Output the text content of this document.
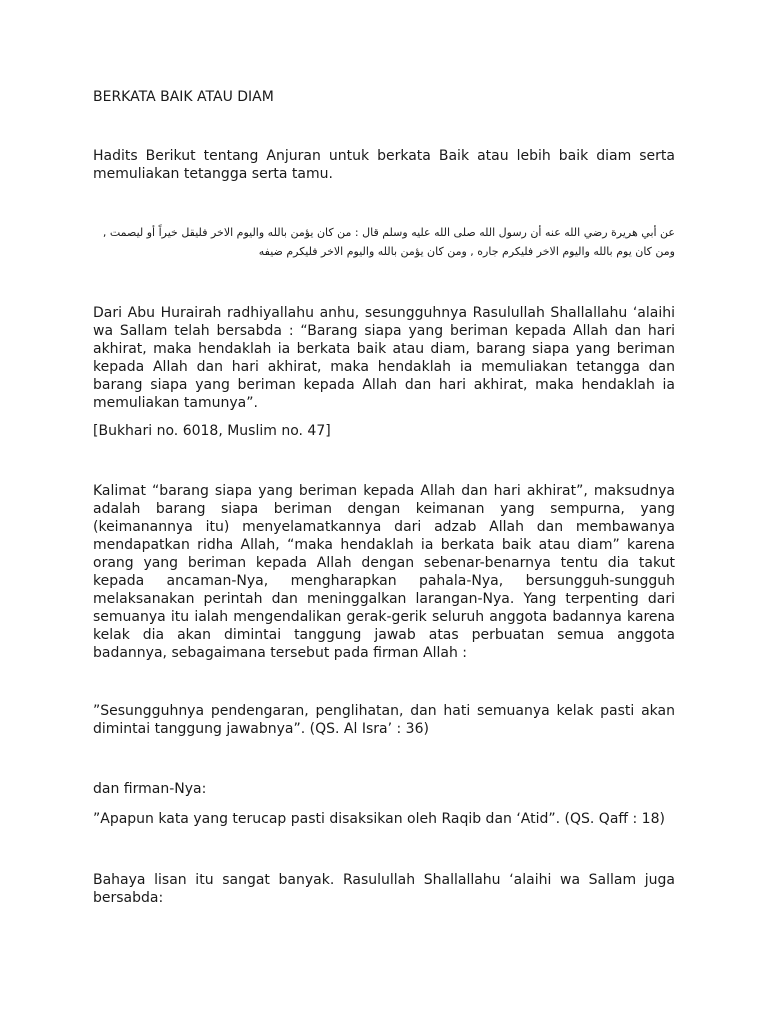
BERKATA BAIK ATAU DIAM

Hadits Berikut tentang Anjuran untuk berkata Baik atau lebih baik diam serta memuliakan tetangga serta tamu.

عن أبي هريرة رضي الله عنه أن رسول الله صلى الله عليه وسلم قال : من كان يؤمن بالله واليوم الاخر فليقل خيراً أو ليصمت ,
ومن كان يوم بالله واليوم الاخر فليكرم جاره , ومن كان يؤمن بالله واليوم الاخر فليكرم ضيفه

Dari Abu Hurairah radhiyallahu anhu, sesungguhnya Rasulullah Shallallahu ‘alaihi wa Sallam telah bersabda : “Barang siapa yang beriman kepada Allah dan hari akhirat, maka hendaklah ia berkata baik atau diam, barang siapa yang beriman kepada Allah dan hari akhirat, maka hendaklah ia memuliakan tetangga dan barang siapa yang beriman kepada Allah dan hari akhirat, maka hendaklah ia memuliakan tamunya”.

[Bukhari no. 6018, Muslim no. 47]

Kalimat “barang siapa yang beriman kepada Allah dan hari akhirat”, maksudnya adalah barang siapa beriman dengan keimanan yang sempurna, yang (keimanannya itu) menyelamatkannya dari adzab Allah dan membawanya mendapatkan ridha Allah, “maka hendaklah ia berkata baik atau diam” karena orang yang beriman kepada Allah dengan sebenar-benarnya tentu dia takut kepada ancaman-Nya, mengharapkan pahala-Nya, bersungguh-sungguh melaksanakan perintah dan meninggalkan larangan-Nya. Yang terpenting dari semuanya itu ialah mengendalikan gerak-gerik seluruh anggota badannya karena kelak dia akan dimintai tanggung jawab atas perbuatan semua anggota badannya, sebagaimana tersebut pada firman Allah :

”Sesungguhnya pendengaran, penglihatan, dan hati semuanya kelak pasti akan dimintai tanggung jawabnya”. (QS. Al Isra’ : 36)

dan firman-Nya:

”Apapun kata yang terucap pasti disaksikan oleh Raqib dan ‘Atid”. (QS. Qaff : 18)

Bahaya lisan itu sangat banyak. Rasulullah Shallallahu ‘alaihi wa Sallam juga bersabda:
